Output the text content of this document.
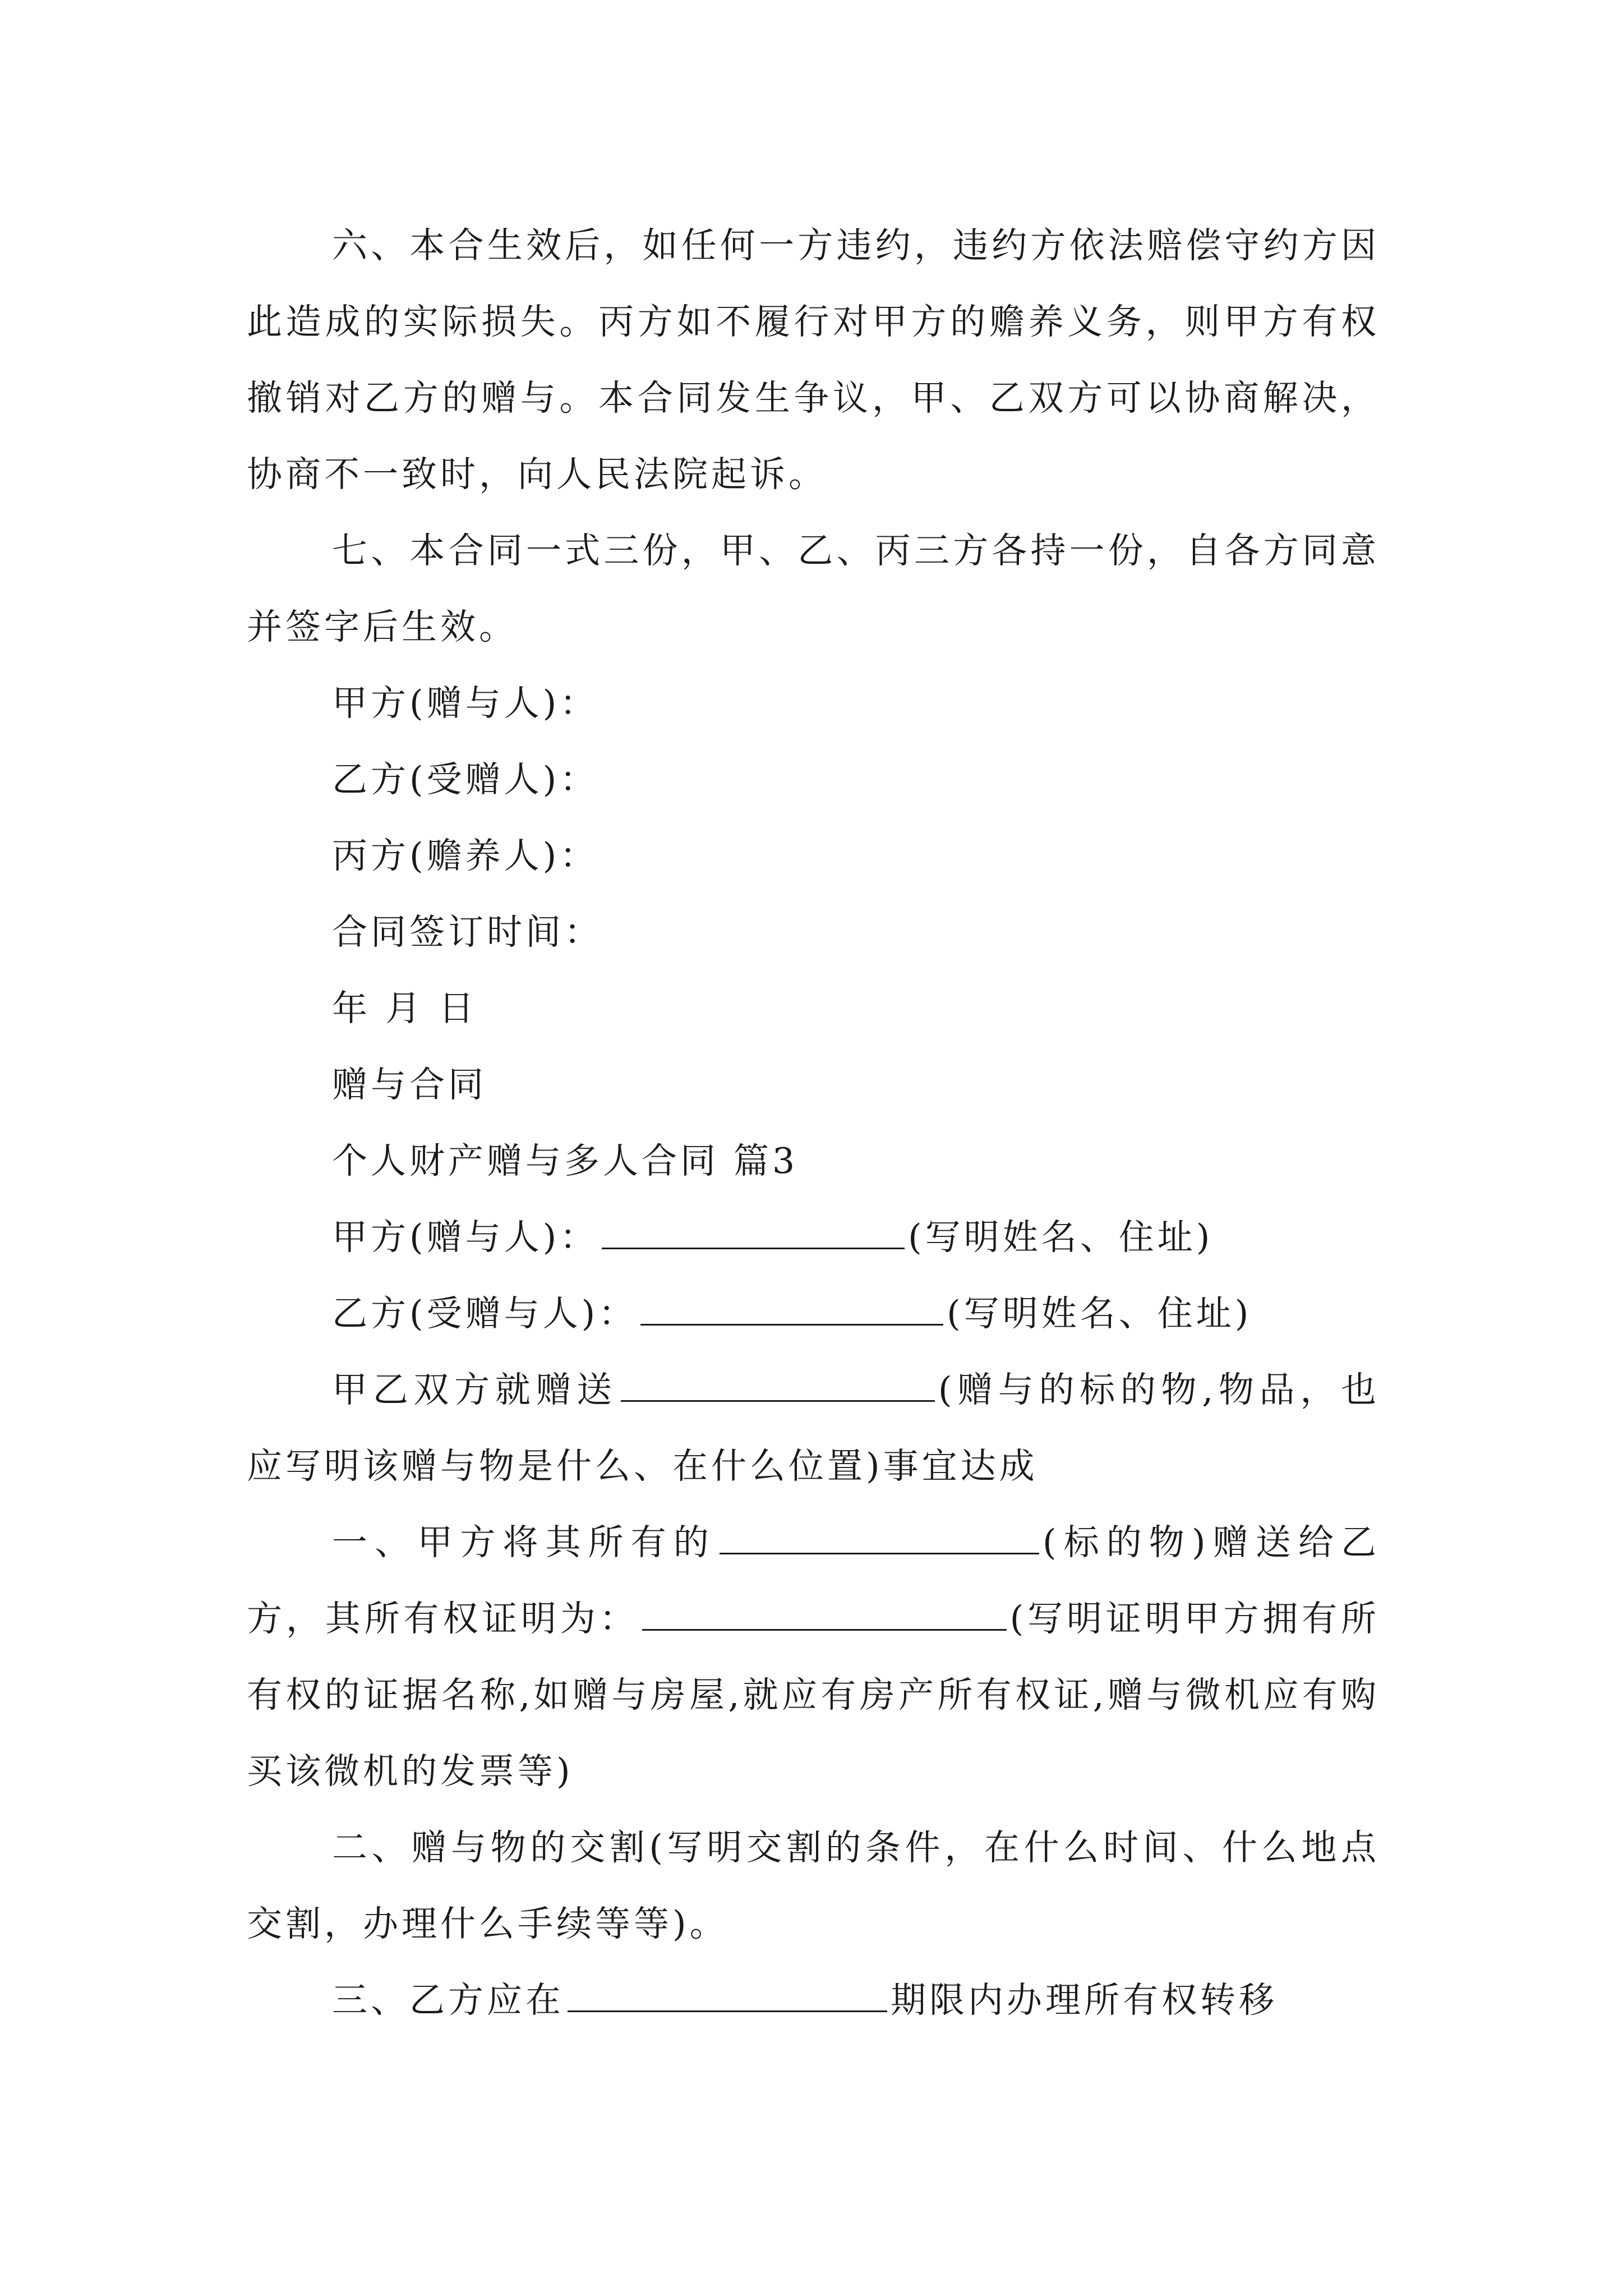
六、本合生效后，如任何一方违约，违约方依法赔偿守约方因此造成的实际损失。丙方如不履行对甲方的赡养义务，则甲方有权撤销对乙方的赠与。本合同发生争议，甲、乙双方可以协商解决，协商不一致时，向人民法院起诉。

七、本合同一式三份，甲、乙、丙三方各持一份，自各方同意并签字后生效。

甲方(赠与人)：

乙方(受赠人)：

丙方(赡养人)：

合同签订时间：

年 月 日

赠与合同

个人财产赠与多人合同 篇3

甲方(赠与人)：	(写明姓名、住址)

乙方(受赠与人)：	(写明姓名、住址)

甲乙双方就赠送	(赠与的标的物,物品，也应写明该赠与物是什么、在什么位置)事宜达成

一、甲方将其所有的	(标的物)赠送给乙方，其所有权证明为：	(写明证明甲方拥有所有权的证据名称,如赠与房屋,就应有房产所有权证,赠与微机应有购买该微机的发票等)

二、赠与物的交割(写明交割的条件，在什么时间、什么地点交割，办理什么手续等等)。

三、乙方应在	期限内办理所有权转移
